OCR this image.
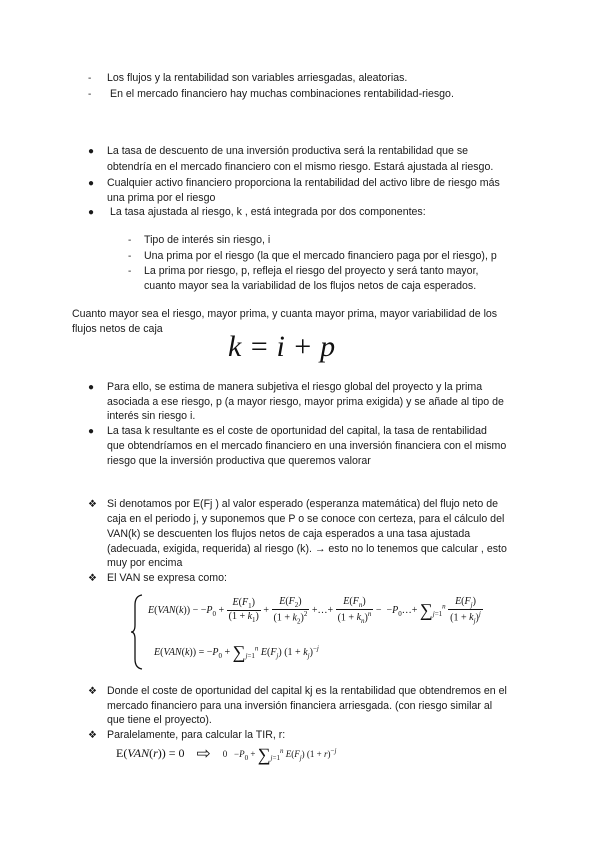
- Los flujos y la rentabilidad son variables arriesgadas, aleatorias.
- En el mercado financiero hay muchas combinaciones rentabilidad-riesgo.
● La tasa de descuento de una inversión productiva será la rentabilidad que se
obtendría en el mercado financiero con el mismo riesgo. Estará ajustada al riesgo.
● Cualquier activo financiero proporciona la rentabilidad del activo libre de riesgo más
una prima por el riesgo
● La tasa ajustada al riesgo, k , está integrada por dos componentes:
- Tipo de interés sin riesgo, i
- Una prima por el riesgo (la que el mercado financiero paga por el riesgo), p
- La prima por riesgo, p, refleja el riesgo del proyecto y será tanto mayor,
cuanto mayor sea la variabilidad de los flujos netos de caja esperados.
Cuanto mayor sea el riesgo, mayor prima, y cuanta mayor prima, mayor variabilidad de los
flujos netos de caja
k = i + p
● Para ello, se estima de manera subjetiva el riesgo global del proyecto y la prima
asociada a ese riesgo, p (a mayor riesgo, mayor prima exigida) y se añade al tipo de
interés sin riesgo i.
● La tasa k resultante es el coste de oportunidad del capital, la tasa de rentabilidad
que obtendríamos en el mercado financiero en una inversión financiera con el mismo
riesgo que la inversión productiva que queremos valorar
❖ Si denotamos por E(Fj ) al valor esperado (esperanza matemática) del flujo neto de
caja en el periodo j, y suponemos que P o se conoce con certeza, para el cálculo del
VAN(k) se descuenten los flujos netos de caja esperados a una tasa ajustada
(adecuada, exigida, requerida) al riesgo (k). → esto no lo tenemos que calcular , esto
muy por encima
❖ El VAN se expresa como:
$E(VAN(k)) - -P_0 + \frac{E(F_1)}{(1 + k_1)} + \frac{E(F_2)}{(1 + k_2)^2}$ +…+ $\frac{E(F_n)}{(1 + k_n)^n}$ −  $-P_0\dots+ \sum_{j=1}^n \frac{E(F_j)}{(1 + k_j)^j}$
$E(VAN(k)) = -P_0 + \sum_{j=1}^n$ $E(F_j) (1 + k_j)^{-j}$
❖ Donde el coste de oportunidad del capital kj es la rentabilidad que obtendremos en el
mercado financiero para una inversión financiera arriesgada. (con riesgo similar al
que tiene el proyecto).
❖ Paralelamente, para calcular la TIR, r:
E(VAN(r)) = 0    ⇨ $0 -P_0 + \sum_{j=1}^n$ $E(F_j) (1 + r)^{-j}$
